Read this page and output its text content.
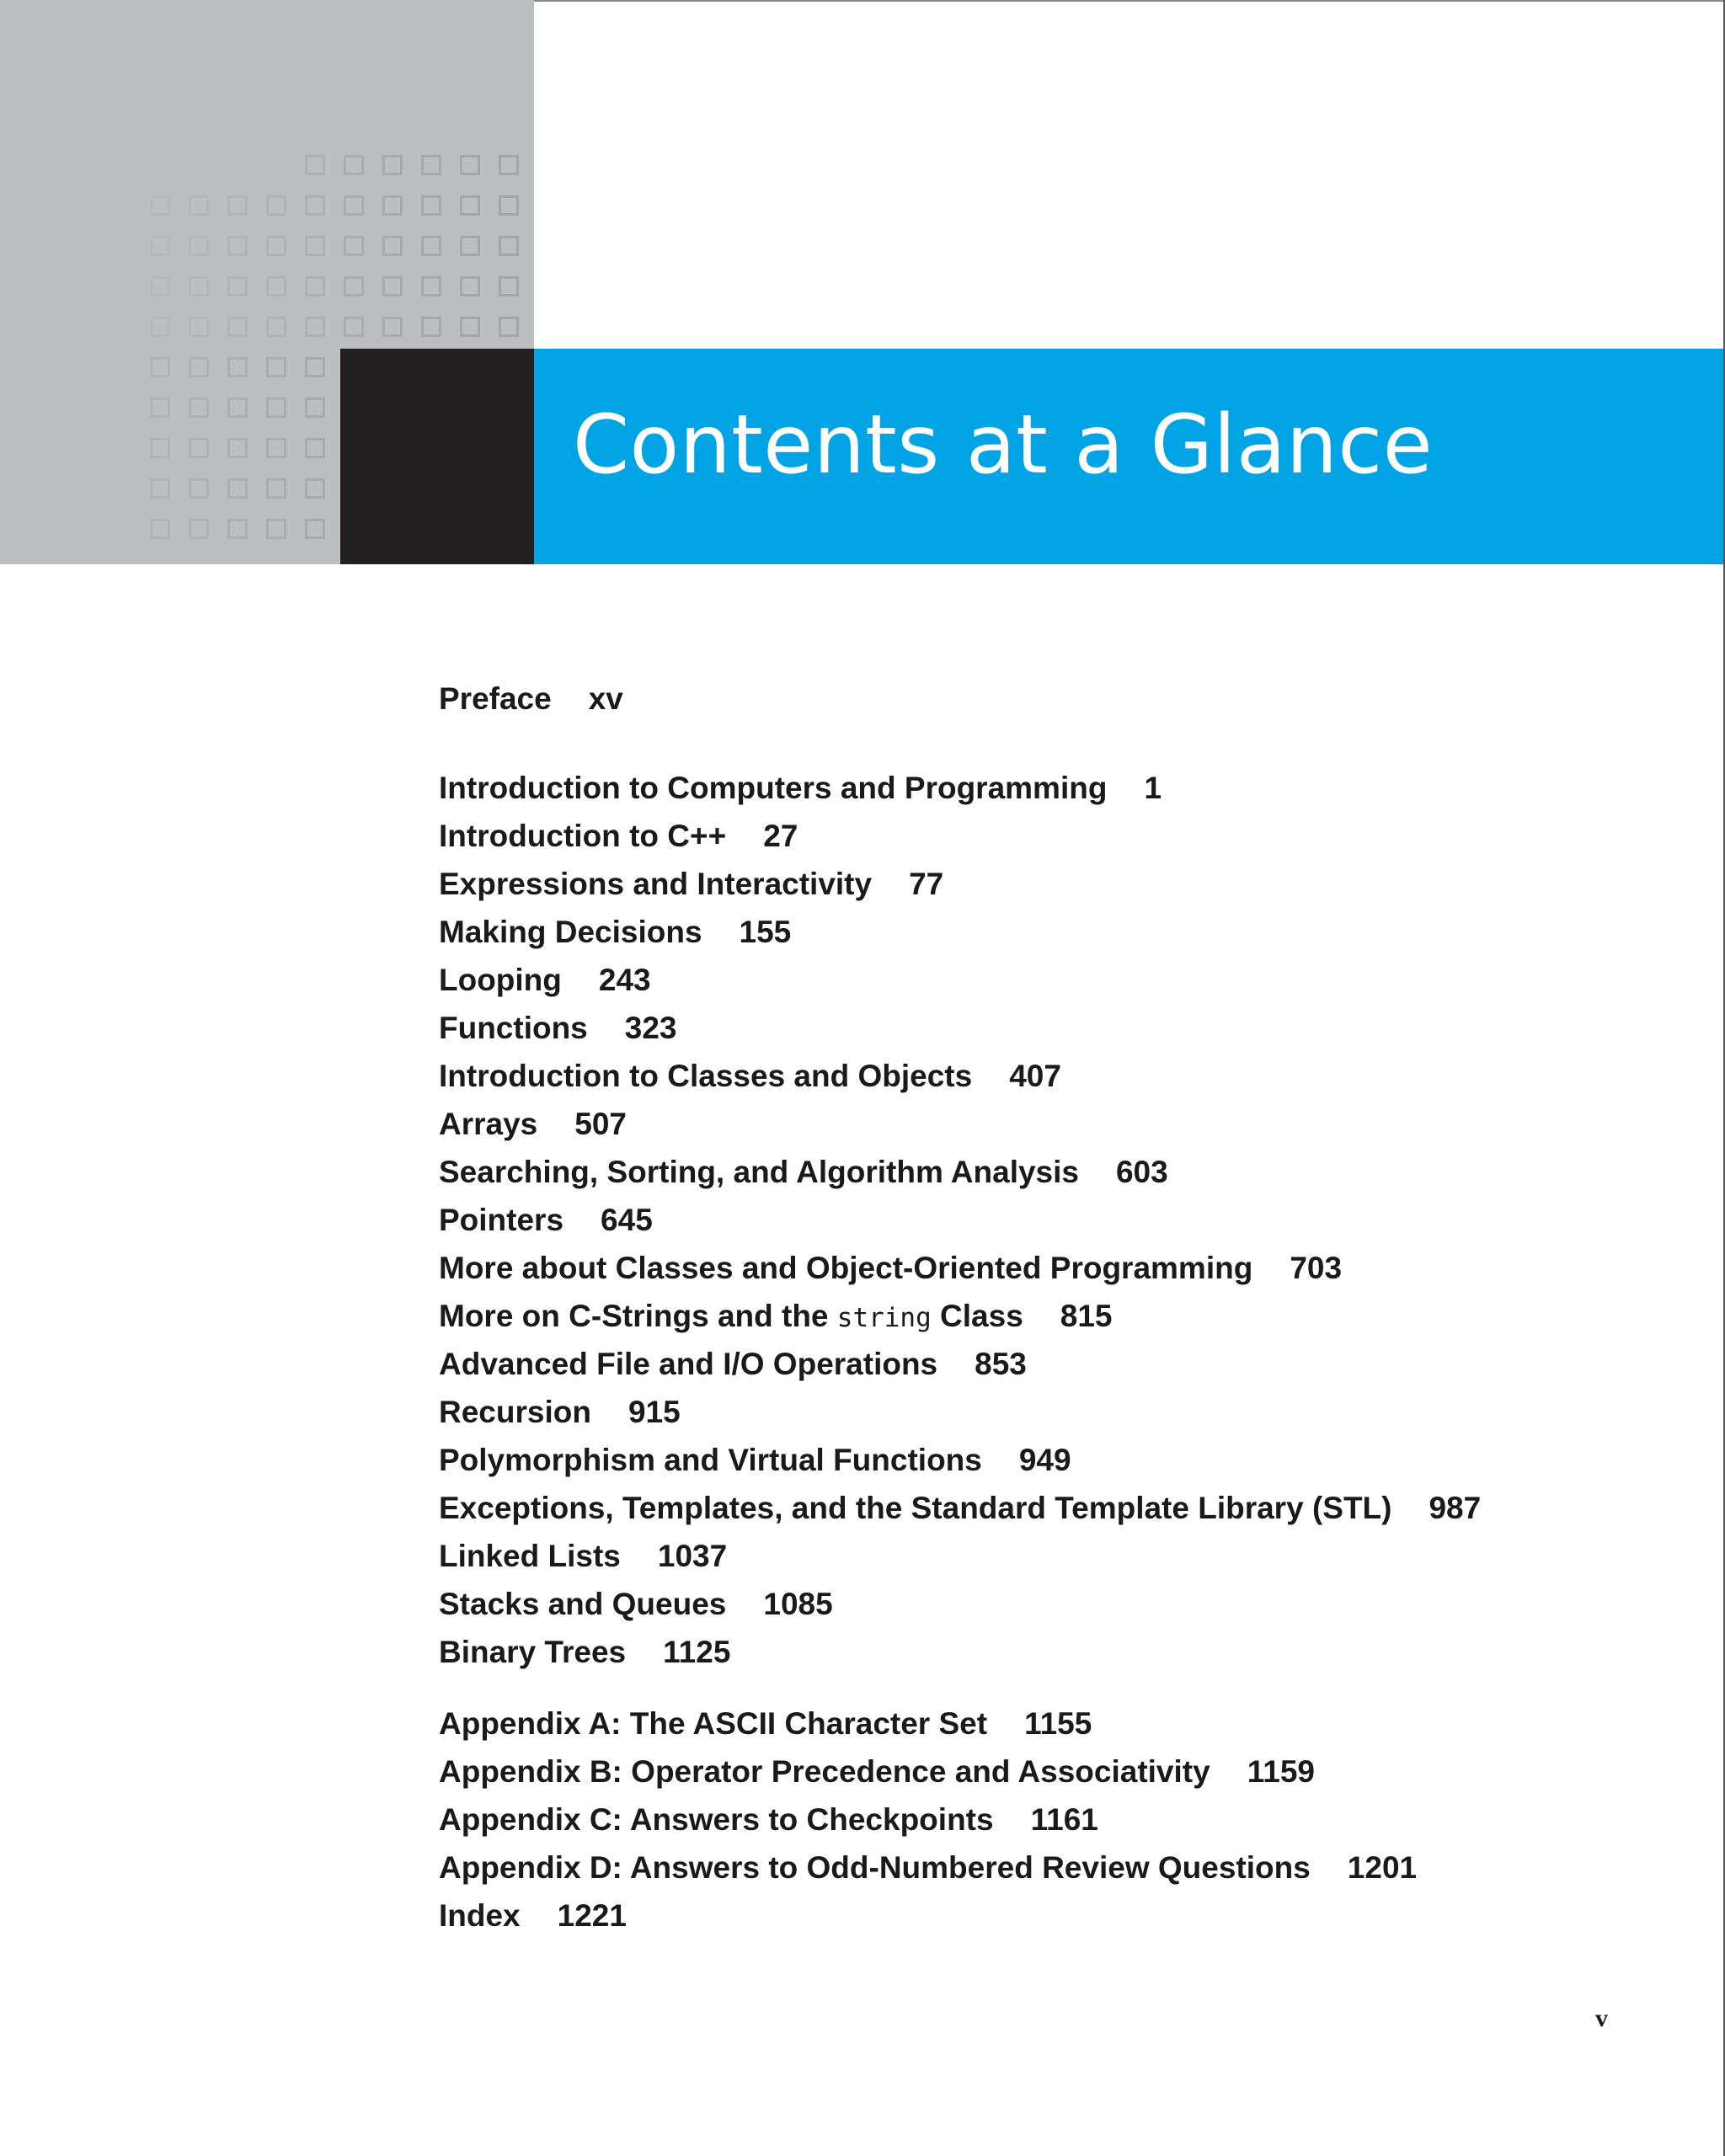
Contents at a Glance
Preface xv
Introduction to Computers and Programming 1
Introduction to C++ 27
Expressions and Interactivity 77
Making Decisions 155
Looping 243
Functions 323
Introduction to Classes and Objects 407
Arrays 507
Searching, Sorting, and Algorithm Analysis 603
Pointers 645
More about Classes and Object-Oriented Programming 703
More on C-Strings and the string Class 815
Advanced File and I/O Operations 853
Recursion 915
Polymorphism and Virtual Functions 949
Exceptions, Templates, and the Standard Template Library (STL) 987
Linked Lists 1037
Stacks and Queues 1085
Binary Trees 1125
Appendix A: The ASCII Character Set 1155
Appendix B: Operator Precedence and Associativity 1159
Appendix C: Answers to Checkpoints 1161
Appendix D: Answers to Odd-Numbered Review Questions 1201
Index 1221
v
